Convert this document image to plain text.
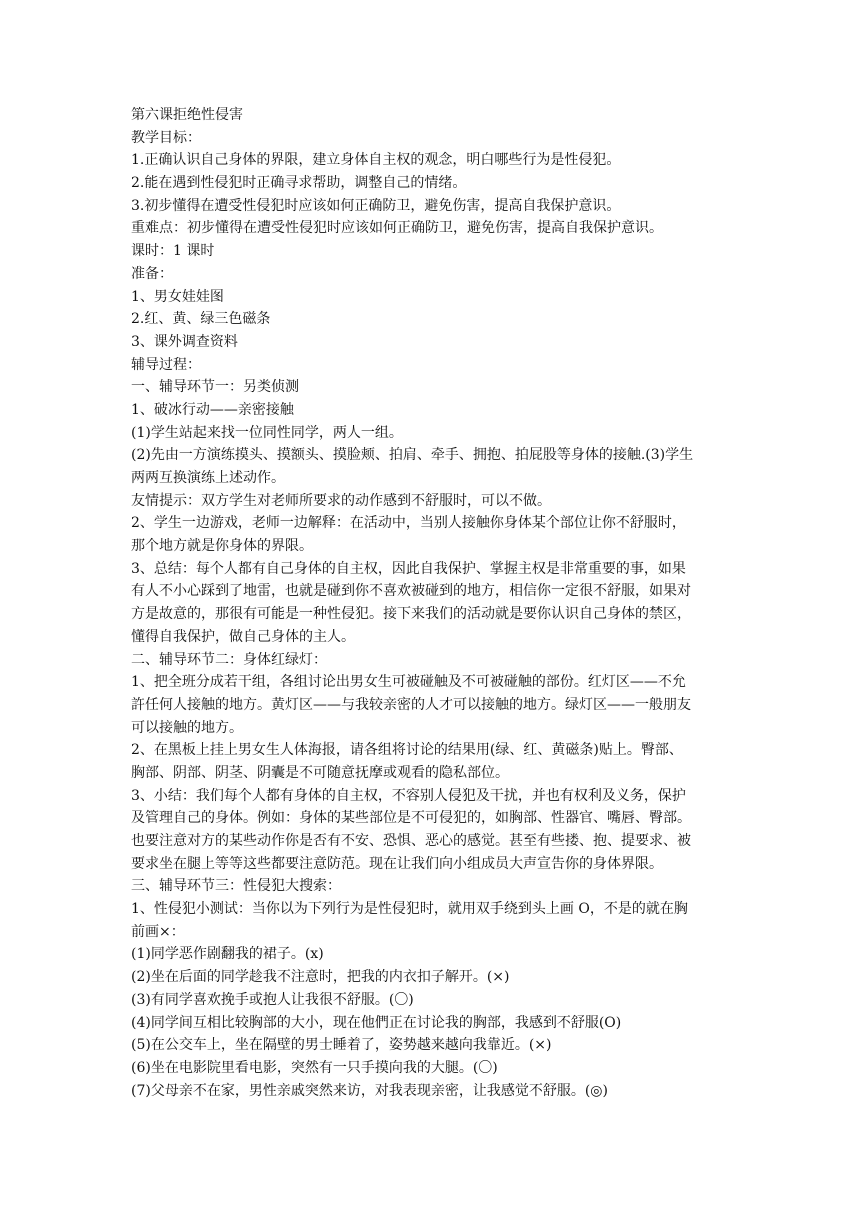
第六课拒绝性侵害
教学目标：
1.正确认识自己身体的界限，建立身体自主权的观念，明白哪些行为是性侵犯。
2.能在遇到性侵犯时正确寻求帮助，调整自己的情绪。
3.初步懂得在遭受性侵犯时应该如何正确防卫，避免伤害，提高自我保护意识。
重难点：初步懂得在遭受性侵犯时应该如何正确防卫，避免伤害，提高自我保护意识。
课时：1 课时
准备：
1、男女娃娃图
2.红、黄、绿三色磁条
3、课外调查资料
辅导过程：
一、辅导环节一：另类侦测
1、破冰行动——亲密接触
(1)学生站起来找一位同性同学，两人一组。
(2)先由一方演练摸头、摸额头、摸脸颊、拍肩、牵手、拥抱、拍屁股等身体的接触.(3)学生
两两互换演练上述动作。
友情提示：双方学生对老师所要求的动作感到不舒服时，可以不做。
2、学生一边游戏，老师一边解释：在活动中，当别人接触你身体某个部位让你不舒服时，
那个地方就是你身体的界限。
3、总结：每个人都有自己身体的自主权，因此自我保护、掌握主权是非常重要的事，如果
有人不小心踩到了地雷，也就是碰到你不喜欢被碰到的地方，相信你一定很不舒服，如果对
方是故意的，那很有可能是一种性侵犯。接下来我们的活动就是要你认识自己身体的禁区，
懂得自我保护，做自己身体的主人。
二、辅导环节二：身体红绿灯：
1、把全班分成若干组，各组讨论出男女生可被碰触及不可被碰触的部份。红灯区——不允
許任何人接触的地方。黄灯区——与我较亲密的人才可以接触的地方。绿灯区——一般朋友
可以接触的地方。
2、在黑板上挂上男女生人体海报，请各组将讨论的结果用(绿、红、黄磁条)贴上。臀部、
胸部、阴部、阴茎、阴囊是不可随意抚摩或观看的隐私部位。
3、小结：我们每个人都有身体的自主权，不容别人侵犯及干扰，并也有权利及义务，保护
及管理自己的身体。例如：身体的某些部位是不可侵犯的，如胸部、性器官、嘴唇、臀部。
也要注意对方的某些动作你是否有不安、恐惧、恶心的感觉。甚至有些搂、抱、提要求、被
要求坐在腿上等等这些都要注意防范。现在让我们向小组成员大声宣告你的身体界限。
三、辅导环节三：性侵犯大搜索：
1、性侵犯小测试：当你以为下列行为是性侵犯时，就用双手绕到头上画 O，不是的就在胸
前画×：
(1)同学恶作剧翻我的裙子。(x)
(2)坐在后面的同学趁我不注意时，把我的内衣扣子解开。(×)
(3)有同学喜欢挽手或抱人让我很不舒服。(〇)
(4)同学间互相比较胸部的大小，现在他們正在讨论我的胸部，我感到不舒服(O)
(5)在公交车上，坐在隔壁的男士睡着了，姿势越来越向我靠近。(×)
(6)坐在电影院里看电影，突然有一只手摸向我的大腿。(〇)
(7)父母亲不在家，男性亲戚突然来访，对我表现亲密，让我感觉不舒服。(◎)
